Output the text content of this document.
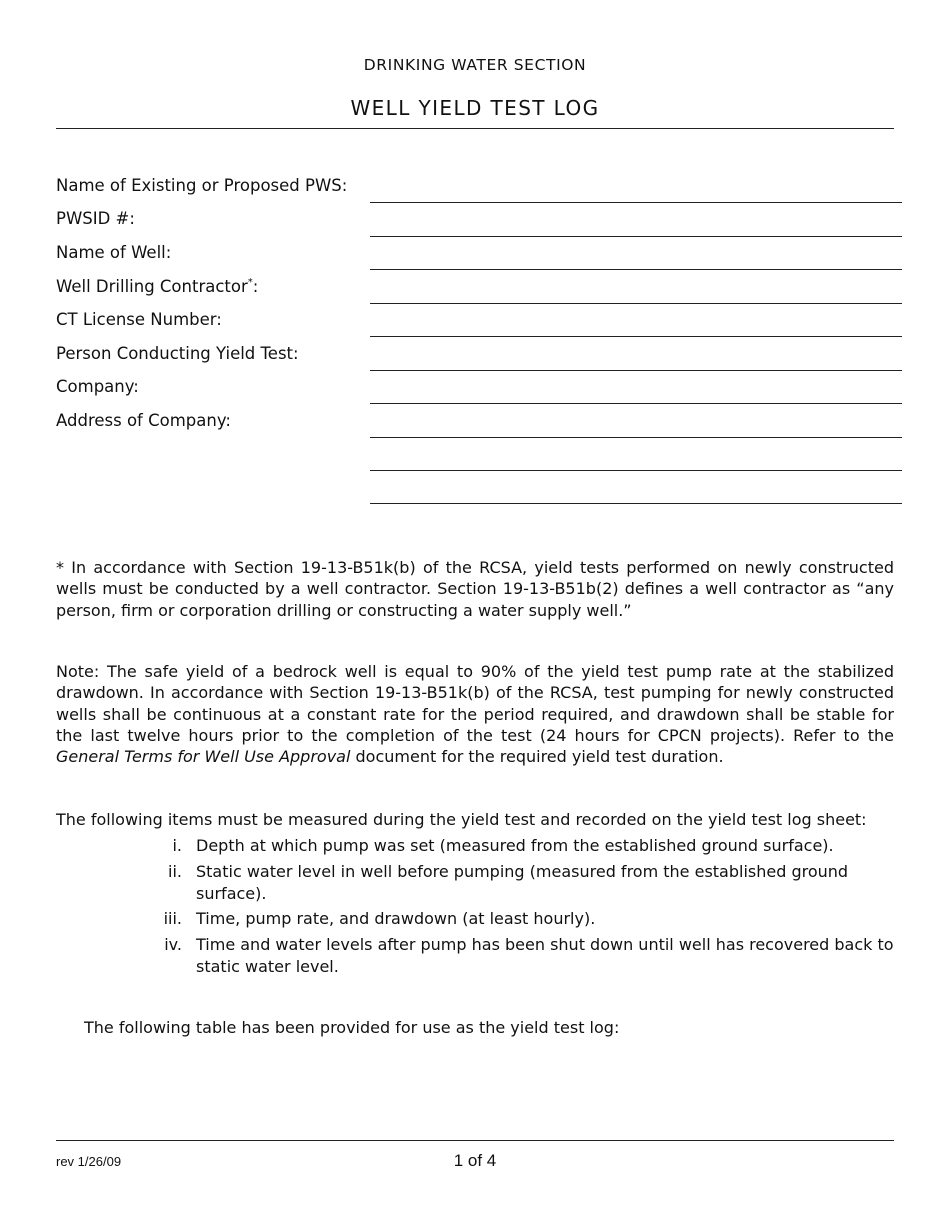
DRINKING WATER SECTION
WELL YIELD TEST LOG
Name of Existing or Proposed PWS:
PWSID #:
Name of Well:
Well Drilling Contractor*:
CT License Number:
Person Conducting Yield Test:
Company:
Address of Company:
* In accordance with Section 19-13-B51k(b) of the RCSA, yield tests performed on newly constructed wells must be conducted by a well contractor. Section 19-13-B51b(2) defines a well contractor as “any person, firm or corporation drilling or constructing a water supply well.”
Note: The safe yield of a bedrock well is equal to 90% of the yield test pump rate at the stabilized drawdown. In accordance with Section 19-13-B51k(b) of the RCSA, test pumping for newly constructed wells shall be continuous at a constant rate for the period required, and drawdown shall be stable for the last twelve hours prior to the completion of the test (24 hours for CPCN projects). Refer to the General Terms for Well Use Approval document for the required yield test duration.
The following items must be measured during the yield test and recorded on the yield test log sheet:
i. Depth at which pump was set (measured from the established ground surface).
ii. Static water level in well before pumping (measured from the established ground surface).
iii. Time, pump rate, and drawdown (at least hourly).
iv. Time and water levels after pump has been shut down until well has recovered back to static water level.
The following table has been provided for use as the yield test log:
rev 1/26/09	1 of 4
